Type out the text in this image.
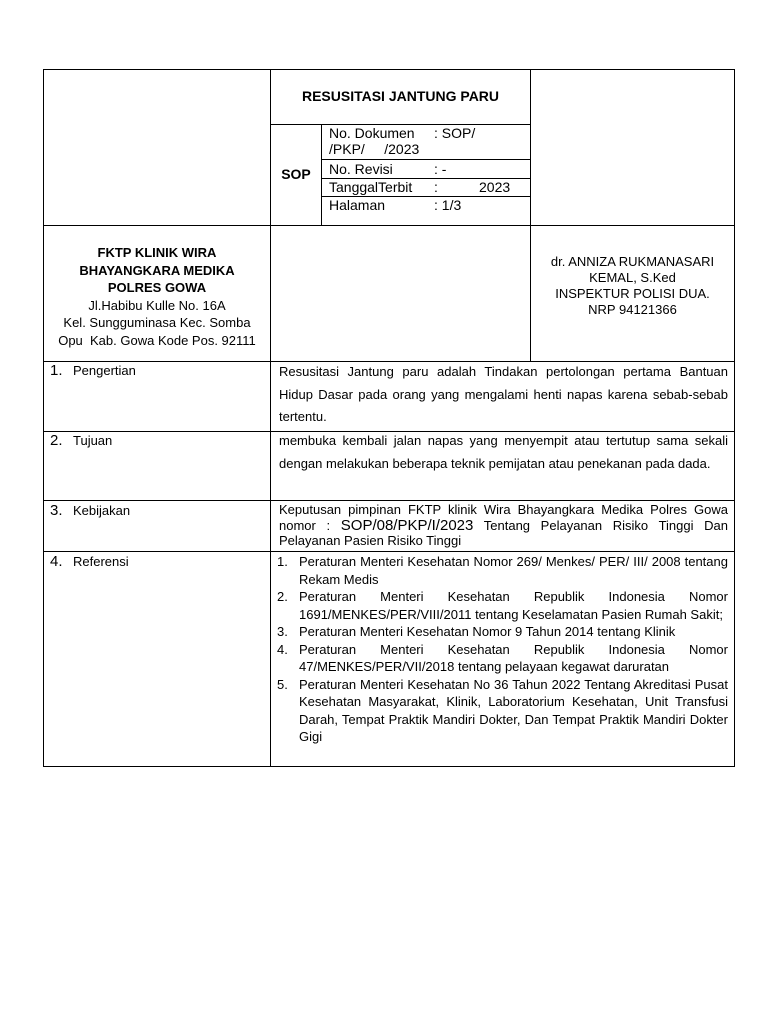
RESUSITASI JANTUNG PARU
SOP
No. Dokumen : SOP/
/PKP/     /2023
No. Revisi	: -
TanggalTerbit :	2023
Halaman	: 1/3
FKTP KLINIK WIRA
BHAYANGKARA MEDIKA
POLRES GOWA
Jl.Habibu Kulle No. 16A
Kel. Sungguminasa Kec. Somba
Opu  Kab. Gowa Kode Pos. 92111
dr. ANNIZA RUKMANASARI
KEMAL, S.Ked
INSPEKTUR POLISI DUA.
NRP 94121366
1. Pengertian	Resusitasi Jantung paru adalah Tindakan pertolongan pertama Bantuan Hidup Dasar pada orang yang mengalami henti napas karena sebab-sebab tertentu.
2. Tujuan	membuka kembali jalan napas yang menyempit atau tertutup sama sekali dengan melakukan beberapa teknik pemijatan atau penekanan pada dada.
3. Kebijakan	Keputusan pimpinan FKTP klinik Wira Bhayangkara Medika Polres Gowa nomor : SOP/08/PKP/I/2023 Tentang Pelayanan Risiko Tinggi Dan Pelayanan Pasien Risiko Tinggi
4. Referensi	1. Peraturan Menteri Kesehatan Nomor 269/ Menkes/ PER/ III/ 2008 tentang Rekam Medis
2. Peraturan Menteri Kesehatan Republik Indonesia Nomor 1691/MENKES/PER/VIII/2011 tentang Keselamatan Pasien Rumah Sakit;
3. Peraturan Menteri Kesehatan Nomor 9 Tahun 2014 tentang Klinik
4. Peraturan Menteri Kesehatan Republik Indonesia Nomor 47/MENKES/PER/VII/2018 tentang pelayaan kegawat daruratan
5. Peraturan Menteri Kesehatan No 36 Tahun 2022 Tentang Akreditasi Pusat Kesehatan Masyarakat, Klinik, Laboratorium Kesehatan, Unit Transfusi Darah, Tempat Praktik Mandiri Dokter, Dan Tempat Praktik Mandiri Dokter Gigi
